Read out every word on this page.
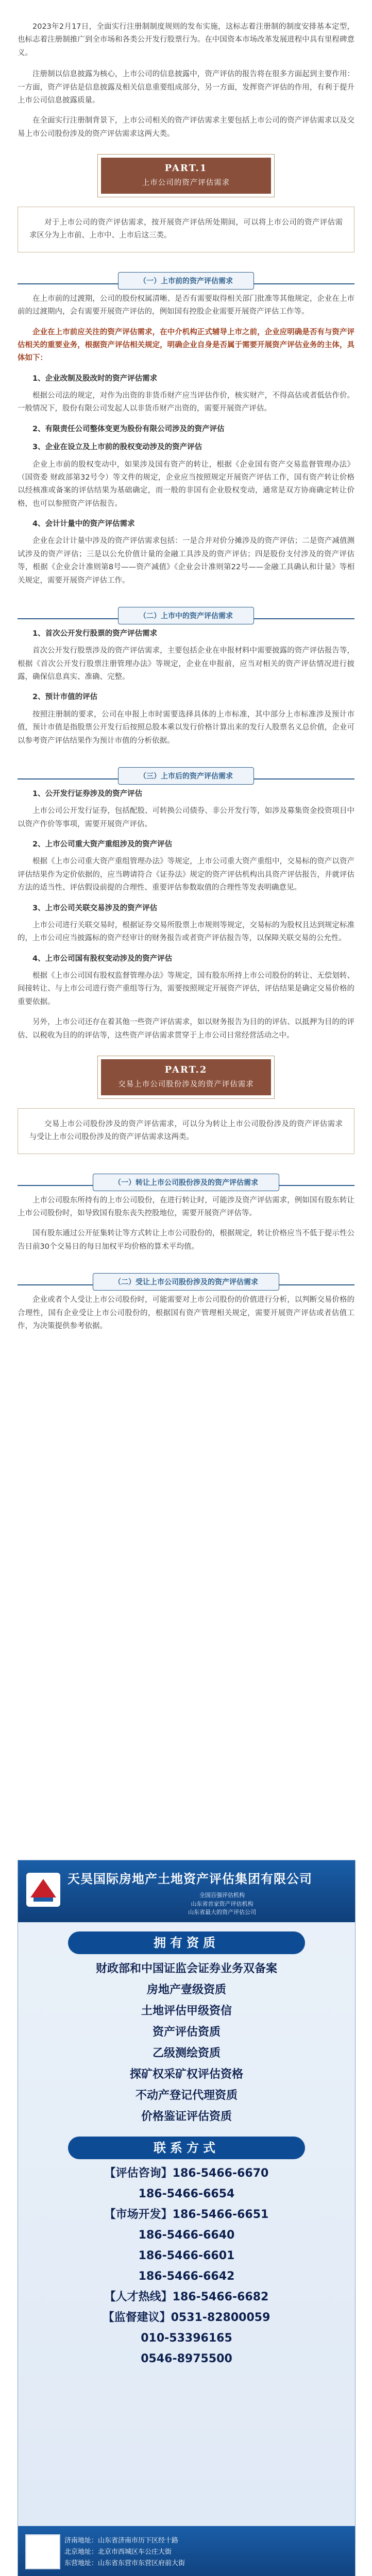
2023年2月17日，全面实行注册制制度规则的发布实施，这标志着注册制的制度安排基本定型，也标志着注册制推广到全市场和各类公开发行股票行为。在中国资本市场改革发展进程中具有里程碑意义。

注册制以信息披露为核心，上市公司的信息披露中，资产评估的报告将在很多方面起到主要作用：一方面，资产评估是信息披露及相关信息重要组成部分，另一方面，发挥资产评估的作用，有利于提升上市公司信息披露质量。

在全面实行注册制背景下，上市公司相关的资产评估需求主要包括上市公司的资产评估需求以及交易上市公司股份涉及的资产评估需求这两大类。

PART.1
上市公司的资产评估需求

对于上市公司的资产评估需求，按开展资产评估所处期间，可以将上市公司的资产评估需求区分为上市前、上市中、上市后这三类。

（一）上市前的资产评估需求

在上市前的过渡期，公司的股份权属清晰、是否有需要取得相关部门批准等其他规定，企业在上市前的过渡期内，会有需要开展资产评估的，例如国有控股企业需要开展资产评估工作等。

企业在上市前应关注的资产评估需求，在中介机构正式辅导上市之前，企业应明确是否有与资产评估相关的重要业务，根据资产评估相关规定，明确企业自身是否属于需要开展资产评估业务的主体，具体如下：

1、企业改制及股改时的资产评估需求

根据公司法的规定，对作为出资的非货币财产应当评估作价，核实财产，不得高估或者低估作价。一般情况下，股份有限公司发起人以非货币财产出资的，需要开展资产评估。

2、有限责任公司整体变更为股份有限公司涉及的资产评估
3、企业在设立及上市前的股权变动涉及的资产评估

企业上市前的股权变动中，如果涉及国有资产的转让，根据《企业国有资产交易监督管理办法》（国资委 财政部第32号令）等文件的规定，企业应当按照规定开展资产评估工作，国有资产转让价格以经核准或备案的评估结果为基础确定，而一般的非国有企业股权变动，通常是双方协商确定转让价格，也可以参照资产评估报告。

4、会计计量中的资产评估需求

企业在会计计量中涉及的资产评估需求包括：一是合并对价分摊涉及的资产评估；二是资产减值测试涉及的资产评估；三是以公允价值计量的金融工具涉及的资产评估；四是股份支付涉及的资产评估等，根据《企业会计准则第8号——资产减值》《企业会计准则第22号——金融工具确认和计量》等相关规定，需要开展资产评估工作。

（二）上市中的资产评估需求
1、首次公开发行股票的资产评估需求

首次公开发行股票涉及的资产评估需求，主要包括企业在申报材料中需要披露的资产评估报告等，根据《首次公开发行股票注册管理办法》等规定，企业在申报前，应当对相关的资产评估情况进行披露，确保信息真实、准确、完整。

2、预计市值的评估

按照注册制的要求，公司在申报上市时需要选择具体的上市标准，其中部分上市标准涉及预计市值，预计市值是指股票公开发行后按照总股本乘以发行价格计算出来的发行人股票名义总价值，企业可以参考资产评估结果作为预计市值的分析依据。

（三）上市后的资产评估需求
1、公开发行证券涉及的资产评估

上市公司公开发行证券，包括配股、可转换公司债券、非公开发行等，如涉及募集资金投资项目中以资产作价等事项，需要开展资产评估。

2、上市公司重大资产重组涉及的资产评估

根据《上市公司重大资产重组管理办法》等规定，上市公司重大资产重组中，交易标的资产以资产评估结果作为定价依据的，应当聘请符合《证券法》规定的资产评估机构出具资产评估报告，并就评估方法的适当性、评估假设前提的合理性、重要评估参数取值的合理性等发表明确意见。

3、上市公司关联交易涉及的资产评估

上市公司进行关联交易时，根据证券交易所股票上市规则等规定，交易标的为股权且达到规定标准的，上市公司应当披露标的资产经审计的财务报告或者资产评估报告等，以保障关联交易的公允性。

4、上市公司国有股权变动涉及的资产评估

根据《上市公司国有股权监督管理办法》等规定，国有股东所持上市公司股份的转让、无偿划转、间接转让、与上市公司进行资产重组等行为，需要按照规定开展资产评估，评估结果是确定交易价格的重要依据。

另外，上市公司还存在着其他一些资产评估需求，如以财务报告为目的的评估、以抵押为目的的评估、以税收为目的的评估等，这些资产评估需求贯穿于上市公司日常经营活动之中。

PART.2
交易上市公司股份涉及的资产评估需求

交易上市公司股份涉及的资产评估需求，可以分为转让上市公司股份涉及的资产评估需求与受让上市公司股份涉及的资产评估需求这两类。

（一）转让上市公司股份涉及的资产评估需求

上市公司股东所持有的上市公司股份，在进行转让时，可能涉及资产评估需求，例如国有股东转让上市公司股份时，如导致国有股东丧失控股地位，需要开展资产评估等。

国有股东通过公开征集转让等方式转让上市公司股份的，根据规定，转让价格应当不低于提示性公告日前30个交易日的每日加权平均价格的算术平均值。

（二）受让上市公司股份涉及的资产评估需求

企业或者个人受让上市公司股份时，可能需要对上市公司股份的价值进行分析，以判断交易价格的合理性，国有企业受让上市公司股份的，根据国有资产管理相关规定，需要开展资产评估或者估值工作，为决策提供参考依据。

天昊国际房地产土地资产评估集团有限公司
全国百强评估机构
山东省首家资产评估机构
山东省最大的资产评估公司
拥有资质
财政部和中国证监会证券业务双备案
房地产壹级资质
土地评估甲级资信
资产评估资质
乙级测绘资质
探矿权采矿权评估资格
不动产登记代理资质
价格鉴证评估资质
联系方式
【评估咨询】186-5466-6670
186-5466-6654
【市场开发】186-5466-6651
186-5466-6640
186-5466-6601
186-5466-6642
【人才热线】186-5466-6682
【监督建议】0531-82800059
010-53396165
0546-8975500
济南地址：山东省济南市历下区经十路
北京地址：北京市西城区车公庄大街
东营地址：山东省东营市东营区府前大街
